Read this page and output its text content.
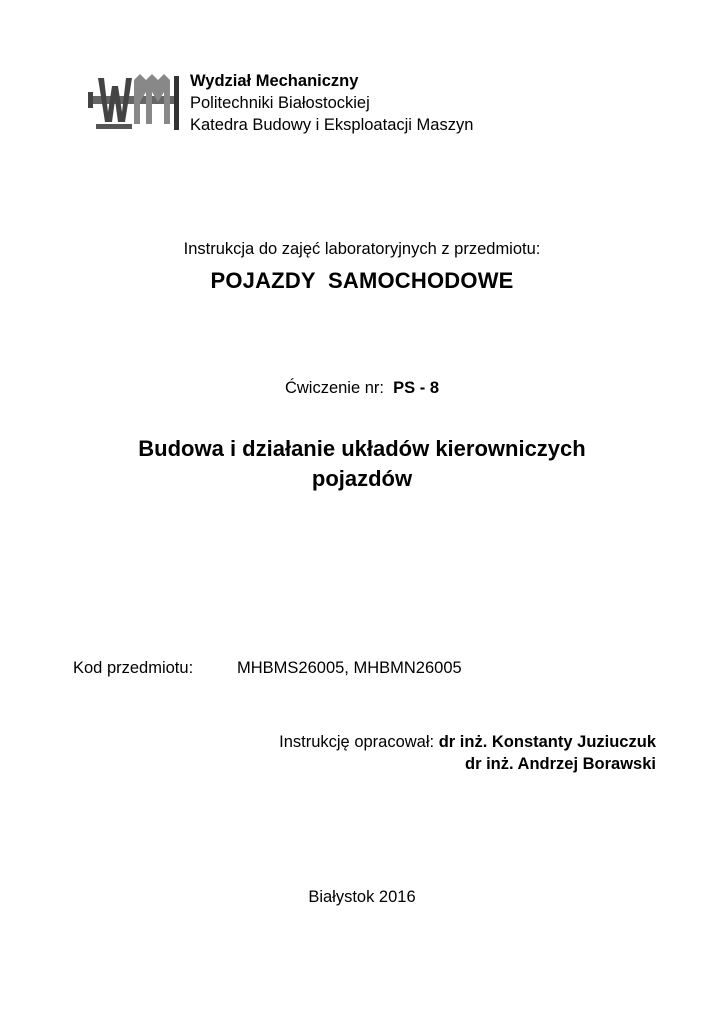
Wydział Mechaniczny
Politechniki Białostockiej
Katedra Budowy i Eksploatacji Maszyn
Instrukcja do zajęć laboratoryjnych z przedmiotu:
POJAZDY  SAMOCHODOWE
Ćwiczenie nr: PS - 8
Budowa i działanie układów kierowniczych
pojazdów
Kod przedmiotu:	MHBMS26005, MHBMN26005
Instrukcję opracował: dr inż. Konstanty Juziuczuk
dr inż. Andrzej Borawski
Białystok 2016
